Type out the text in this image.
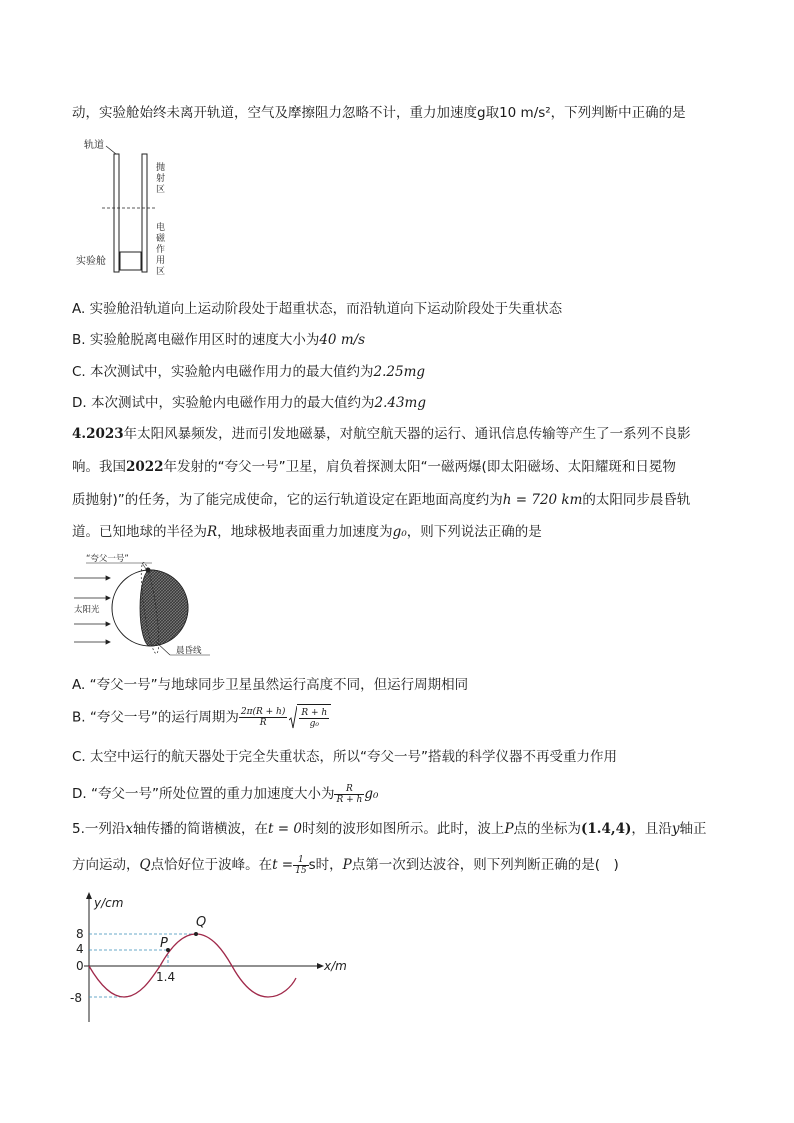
动，实验舱始终未离开轨道，空气及摩擦阻力忽略不计，重力加速度g取10 m/s²，下列判断中正确的是
轨道
实验舱
抛
射
区
电
磁
作
用
区
A. 实验舱沿轨道向上运动阶段处于超重状态，而沿轨道向下运动阶段处于失重状态
B. 实验舱脱离电磁作用区时的速度大小为40 m/s
C. 本次测试中，实验舱内电磁作用力的最大值约为2.25mg
D. 本次测试中，实验舱内电磁作用力的最大值约为2.43mg
4.2023年太阳风暴频发，进而引发地磁暴，对航空航天器的运行、通讯信息传输等产生了一系列不良影
响。我国2022年发射的“夸父一号”卫星，肩负着探测太阳“一磁两爆(即太阳磁场、太阳耀斑和日冕物
质抛射)”的任务，为了能完成使命，它的运行轨道设定在距地面高度约为h = 720 km的太阳同步晨昏轨
道。已知地球的半径为R，地球极地表面重力加速度为g₀，则下列说法正确的是
“夸父一号”
太阳光
晨昏线
A. “夸父一号”与地球同步卫星虽然运行高度不同，但运行周期相同
B. “夸父一号”的运行周期为 $\frac{2\pi(R + h)}{R} \frac{R + h}{\text{g₀}}$
C. 太空中运行的航天器处于完全失重状态，所以“夸父一号”搭载的科学仪器不再受重力作用
D. “夸父一号”所处位置的重力加速度大小为 $\frac{R}{R + h} g_0$
5.一列沿x轴传播的简谐横波，在t = 0时刻的波形如图所示。此时，波上P点的坐标为(1.4,4)，且沿y轴正
方向运动，Q点恰好位于波峰。在$t = \frac{1}{15}$ s时，P点第一次到达波谷，则下列判断正确的是(　)
y/cm
x/m
8
4
0
-8
1.4
P
Q
